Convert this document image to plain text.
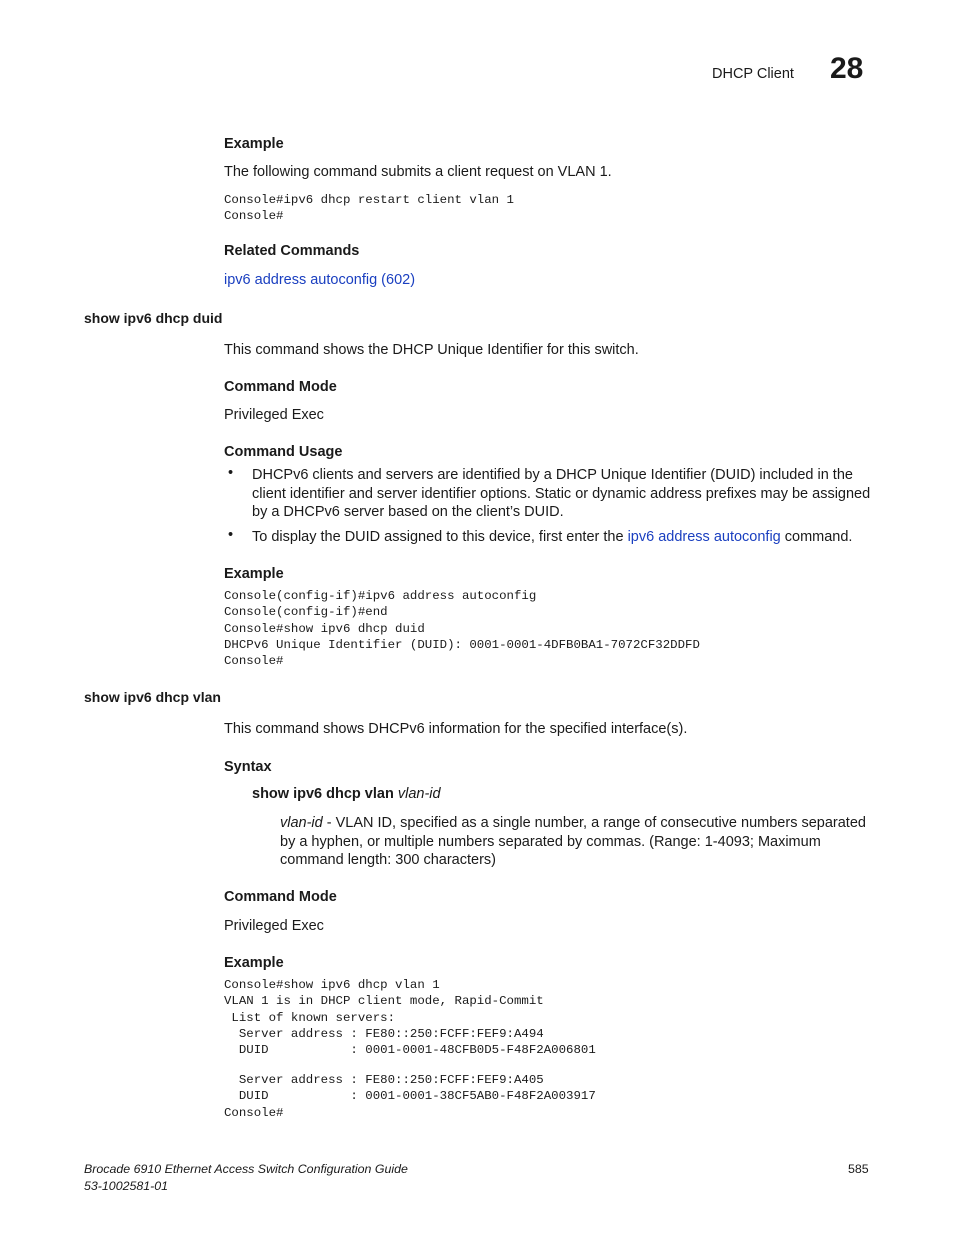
DHCP Client 28
Example
The following command submits a client request on VLAN 1.
Console#ipv6 dhcp restart client vlan 1
Console#
Related Commands
ipv6 address autoconfig (602)
show ipv6 dhcp duid
This command shows the DHCP Unique Identifier for this switch.
Command Mode
Privileged Exec
Command Usage
• DHCPv6 clients and servers are identified by a DHCP Unique Identifier (DUID) included in the client identifier and server identifier options. Static or dynamic address prefixes may be assigned by a DHCPv6 server based on the client’s DUID.
• To display the DUID assigned to this device, first enter the ipv6 address autoconfig command.
Example
Console(config-if)#ipv6 address autoconfig
Console(config-if)#end
Console#show ipv6 dhcp duid
DHCPv6 Unique Identifier (DUID): 0001-0001-4DFB0BA1-7072CF32DDFD
Console#
show ipv6 dhcp vlan
This command shows DHCPv6 information for the specified interface(s).
Syntax
show ipv6 dhcp vlan vlan-id
vlan-id - VLAN ID, specified as a single number, a range of consecutive numbers separated by a hyphen, or multiple numbers separated by commas. (Range: 1-4093; Maximum command length: 300 characters)
Command Mode
Privileged Exec
Example
Console#show ipv6 dhcp vlan 1
VLAN 1 is in DHCP client mode, Rapid-Commit
List of known servers:
Server address : FE80::250:FCFF:FEF9:A494
DUID           : 0001-0001-48CFB0D5-F48F2A006801
Server address : FE80::250:FCFF:FEF9:A405
DUID           : 0001-0001-38CF5AB0-F48F2A003917
Console#
Brocade 6910 Ethernet Access Switch Configuration Guide
53-1002581-01
585
